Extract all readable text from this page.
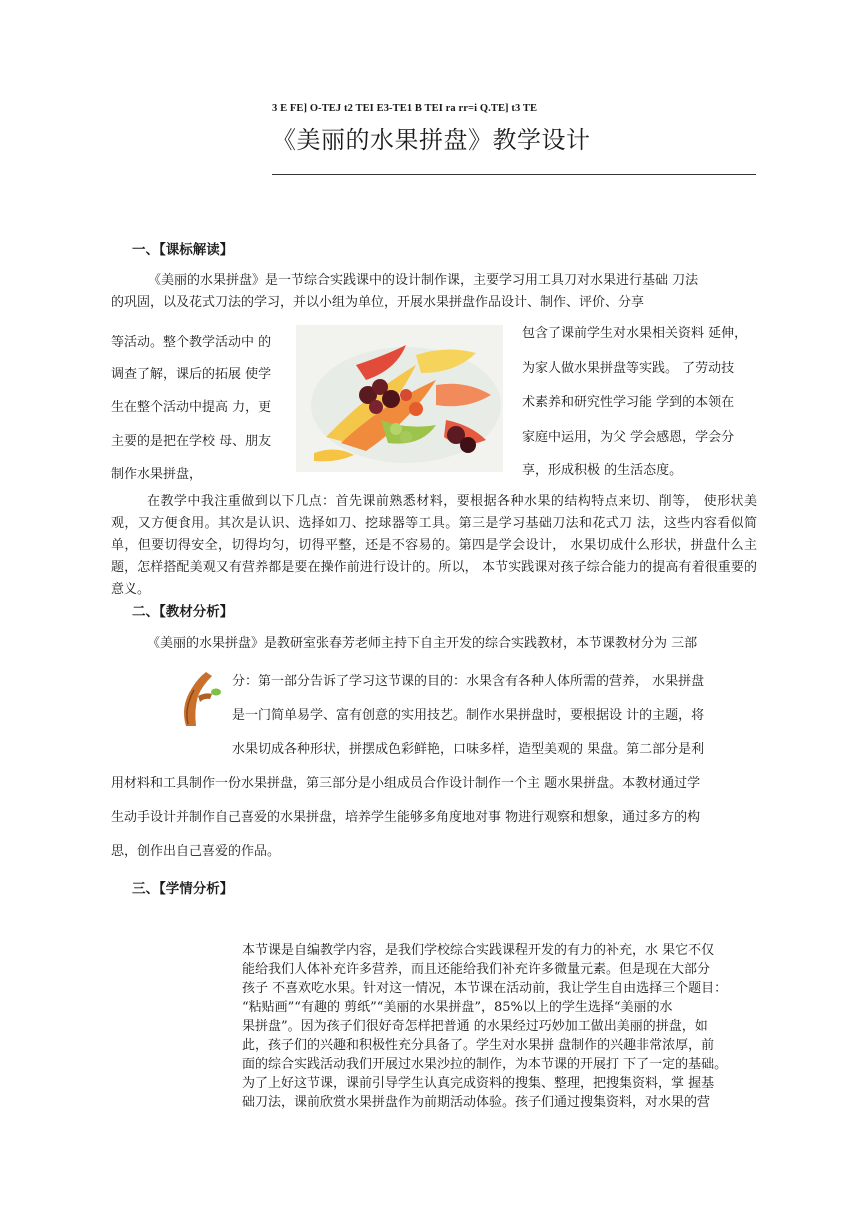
3 E FE] O-TEJ t2 TEI E3-TE1 B TEI ra rr=i Q.TE] t3 TE
《美丽的水果拼盘》教学设计
一、【课标解读】
《美丽的水果拼盘》是一节综合实践课中的设计制作课，主要学习用工具刀对水果进行基础 刀法
的巩固，以及花式刀法的学习，并以小组为单位，开展水果拼盘作品设计、制作、评价、分享
等活动。整个教学活动中 的
调查了解，课后的拓展 使学
生在整个活动中提高 力，更
主要的是把在学校 母、朋友
制作水果拼盘，
包含了课前学生对水果相关资料 延伸，
为家人做水果拼盘等实践。 了劳动技
术素养和研究性学习能 学到的本领在
家庭中运用，为父 学会感恩，学会分
享，形成积极 的生活态度。
在教学中我注重做到以下几点：首先课前熟悉材料，要根据各种水果的结构特点来切、削等， 使形状美观，又方便食用。其次是认识、选择如刀、挖球器等工具。第三是学习基础刀法和花式刀 法，这些内容看似简单，但要切得安全，切得均匀，切得平整，还是不容易的。第四是学会设计， 水果切成什么形状，拼盘什么主题，怎样搭配美观又有营养都是要在操作前进行设计的。所以， 本节实践课对孩子综合能力的提高有着很重要的意义。
二、【教材分析】
《美丽的水果拼盘》是教研室张春芳老师主持下自主开发的综合实践教材，本节课教材分为 三部
分：第一部分告诉了学习这节课的目的：水果含有各种人体所需的营养， 水果拼盘
是一门简单易学、富有创意的实用技艺。制作水果拼盘时，要根据设 计的主题，将
水果切成各种形状，拼摆成色彩鲜艳，口味多样，造型美观的 果盘。第二部分是利
用材料和工具制作一份水果拼盘，第三部分是小组成员合作设计制作一个主 题水果拼盘。本教材通过学
生动手设计并制作自己喜爱的水果拼盘，培养学生能够多角度地对事 物进行观察和想象，通过多方的构
思，创作出自己喜爱的作品。
三、【学情分析】
本节课是自编教学内容，是我们学校综合实践课程开发的有力的补充，水 果它不仅
能给我们人体补充许多营养，而且还能给我们补充许多微量元素。但是现在大部分
孩子 不喜欢吃水果。针对这一情况，本节课在活动前，我让学生自由选择三个题目：
“粘贴画”“有趣的 剪纸”“美丽的水果拼盘”，85%以上的学生选择“美丽的水
果拼盘”。因为孩子们很好奇怎样把普通 的水果经过巧妙加工做出美丽的拼盘，如
此，孩子们的兴趣和积极性充分具备了。学生对水果拼 盘制作的兴趣非常浓厚，前
面的综合实践活动我们开展过水果沙拉的制作，为本节课的开展打 下了一定的基础。
为了上好这节课，课前引导学生认真完成资料的搜集、整理，把搜集资料，掌 握基
础刀法，课前欣赏水果拼盘作为前期活动体验。孩子们通过搜集资料，对水果的营
